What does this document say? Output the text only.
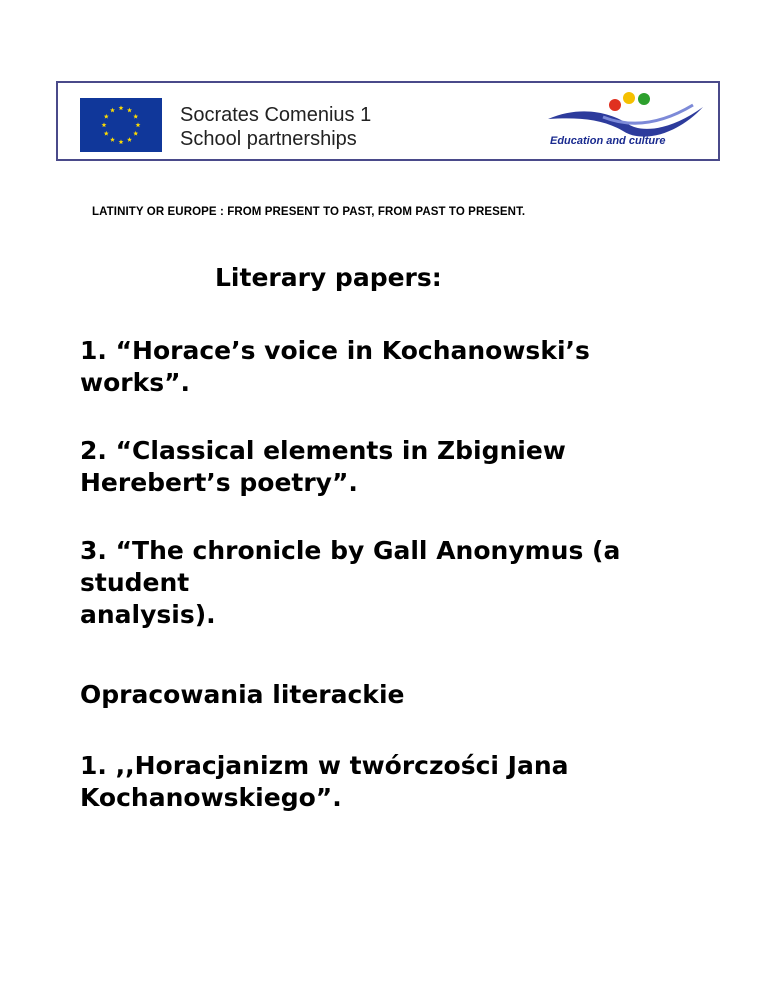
Socrates Comenius 1
School partnerships	Education and culture
LATINITY OR EUROPE : FROM PRESENT TO PAST, FROM PAST TO PRESENT.
Literary papers:
1. “Horace’s voice in Kochanowski’s
works”.
2. “Classical elements in Zbigniew
Herebert’s poetry”.
3. “The chronicle by Gall Anonymus (a
student
analysis).
Opracowania literackie
1. ,,Horacjanizm w twórczości Jana
Kochanowskiego”.
